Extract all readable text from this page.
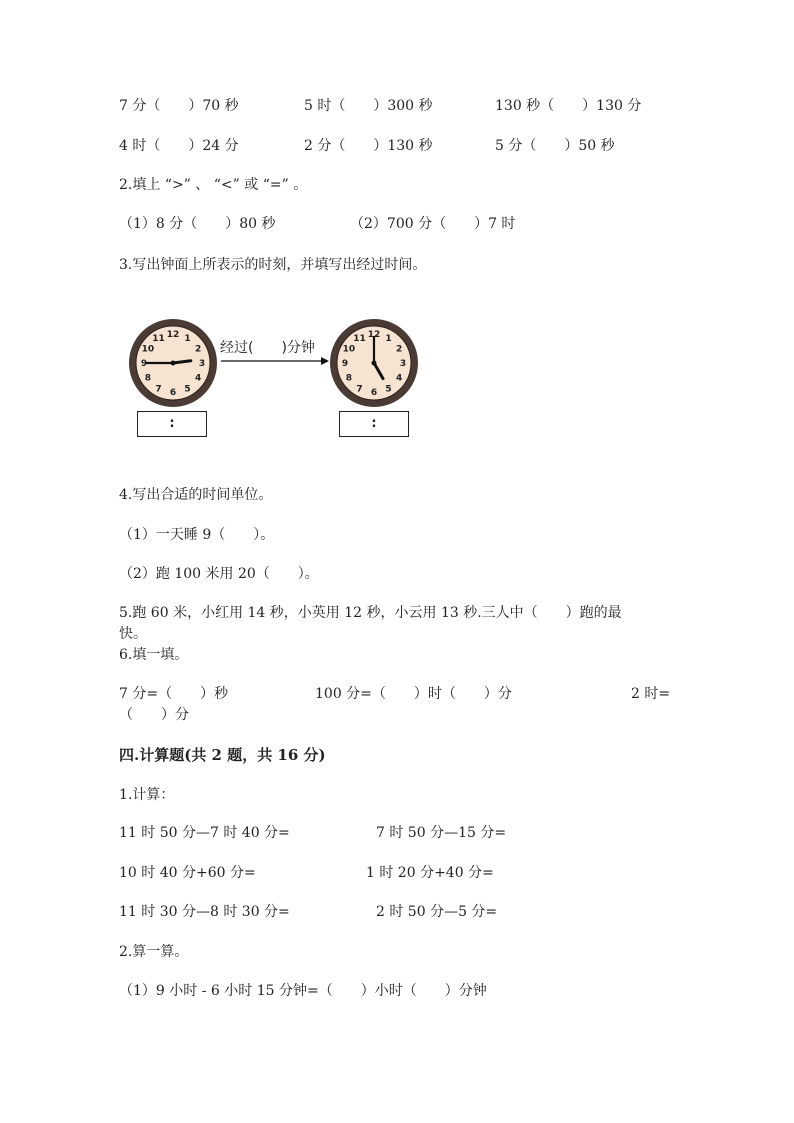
7 分（　　）70 秒	5 时（　　）300 秒	130 秒（　　）130 分
4 时（　　）24 分	2 分（　　）130 秒	5 分（　　）50 秒
2.填上 “>” 、 “<” 或 “=” 。
（1）8 分（　　）80 秒	（2）700 分（　　）7 时
3.写出钟面上所表示的时刻，并填写出经过时间。
12 1
2
3
4
5
6
7
8
9
10
11
经过(　　)分钟
12 1
2
3
4
5
6
7
8
9
10
11
:	:
4.写出合适的时间单位。
（1）一天睡 9（　　）。
（2）跑 100 米用 20（　　）。
5.跑 60 米，小红用 14 秒，小英用 12 秒，小云用 13 秒.三人中（　　）跑的最
快。
6.填一填。
7 分=（　　）秒	100 分=（　　）时（　　）分	2 时=
（　　）分
四.计算题(共 2 题，共 16 分)
1.计算：
11 时 50 分—7 时 40 分=	7 时 50 分—15 分=
10 时 40 分+60 分=	1 时 20 分+40 分=
11 时 30 分—8 时 30 分=	2 时 50 分—5 分=
2.算一算。
（1）9 小时 - 6 小时 15 分钟=（　　）小时（　　）分钟
